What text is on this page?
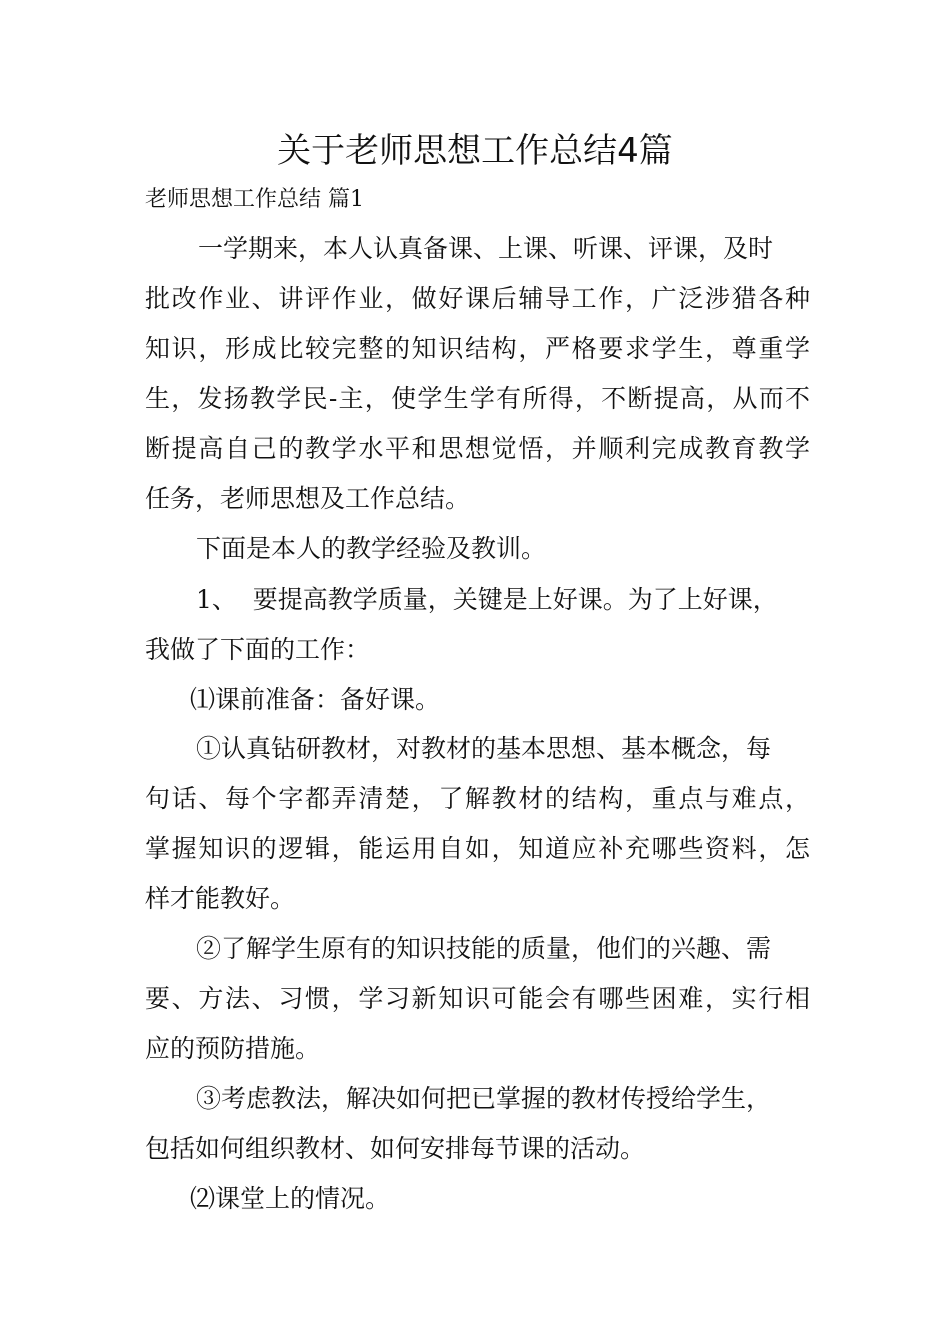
关于老师思想工作总结4篇

老师思想工作总结 篇1

一学期来，本人认真备课、上课、听课、评课，及时

批改作业、讲评作业，做好课后辅导工作，广泛涉猎各种

知识，形成比较完整的知识结构，严格要求学生，尊重学

生，发扬教学民-主，使学生学有所得，不断提高，从而不

断提高自己的教学水平和思想觉悟，并顺利完成教育教学

任务，老师思想及工作总结。

下面是本人的教学经验及教训。

1、  要提高教学质量，关键是上好课。为了上好课，

我做了下面的工作：

⑴课前准备：备好课。

①认真钻研教材，对教材的基本思想、基本概念，每

句话、每个字都弄清楚，了解教材的结构，重点与难点，

掌握知识的逻辑，能运用自如，知道应补充哪些资料，怎

样才能教好。

②了解学生原有的知识技能的质量，他们的兴趣、需

要、方法、习惯，学习新知识可能会有哪些困难，实行相

应的预防措施。

③考虑教法，解决如何把已掌握的教材传授给学生，

包括如何组织教材、如何安排每节课的活动。

⑵课堂上的情况。
